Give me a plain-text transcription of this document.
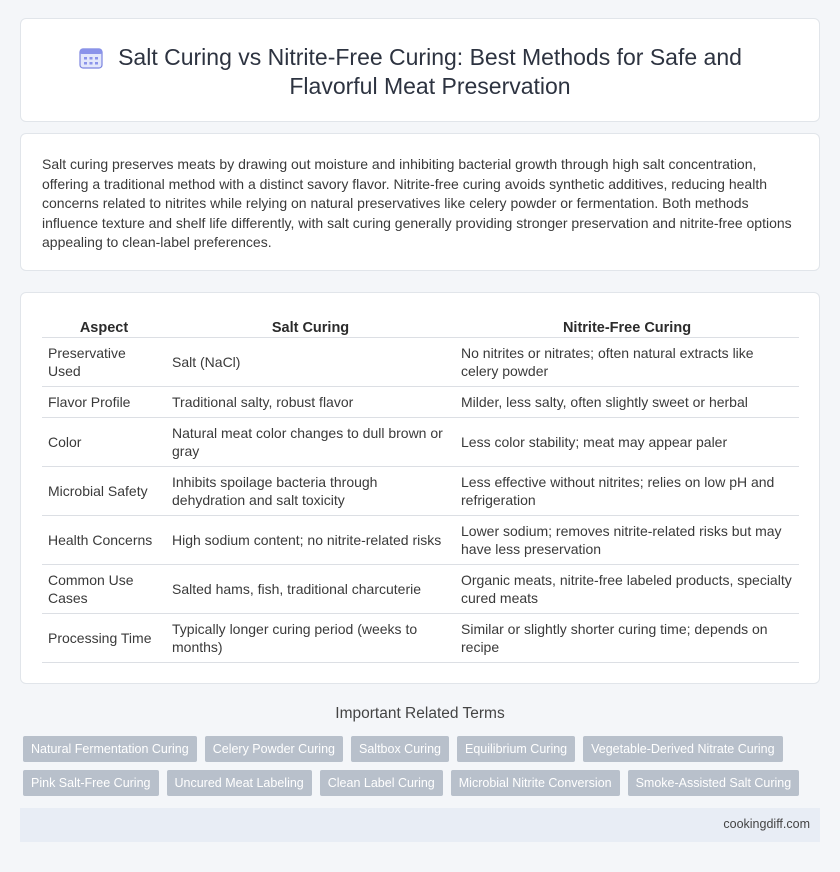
Salt Curing vs Nitrite-Free Curing: Best Methods for Safe and Flavorful Meat Preservation

Salt curing preserves meats by drawing out moisture and inhibiting bacterial growth through high salt concentration, offering a traditional method with a distinct savory flavor. Nitrite-free curing avoids synthetic additives, reducing health concerns related to nitrites while relying on natural preservatives like celery powder or fermentation. Both methods influence texture and shelf life differently, with salt curing generally providing stronger preservation and nitrite-free options appealing to clean-label preferences.

Aspect	Salt Curing	Nitrite-Free Curing
Preservative Used	Salt (NaCl)	No nitrites or nitrates; often natural extracts like celery powder
Flavor Profile	Traditional salty, robust flavor	Milder, less salty, often slightly sweet or herbal
Color	Natural meat color changes to dull brown or gray	Less color stability; meat may appear paler
Microbial Safety	Inhibits spoilage bacteria through dehydration and salt toxicity	Less effective without nitrites; relies on low pH and refrigeration
Health Concerns	High sodium content; no nitrite-related risks	Lower sodium; removes nitrite-related risks but may have less preservation
Common Use Cases	Salted hams, fish, traditional charcuterie	Organic meats, nitrite-free labeled products, specialty cured meats
Processing Time	Typically longer curing period (weeks to months)	Similar or slightly shorter curing time; depends on recipe
Important Related Terms
Natural Fermentation Curing	Celery Powder Curing	Saltbox Curing	Equilibrium Curing	Vegetable-Derived Nitrate Curing
Pink Salt-Free Curing	Uncured Meat Labeling	Clean Label Curing	Microbial Nitrite Conversion	Smoke-Assisted Salt Curing
cookingdiff.com
